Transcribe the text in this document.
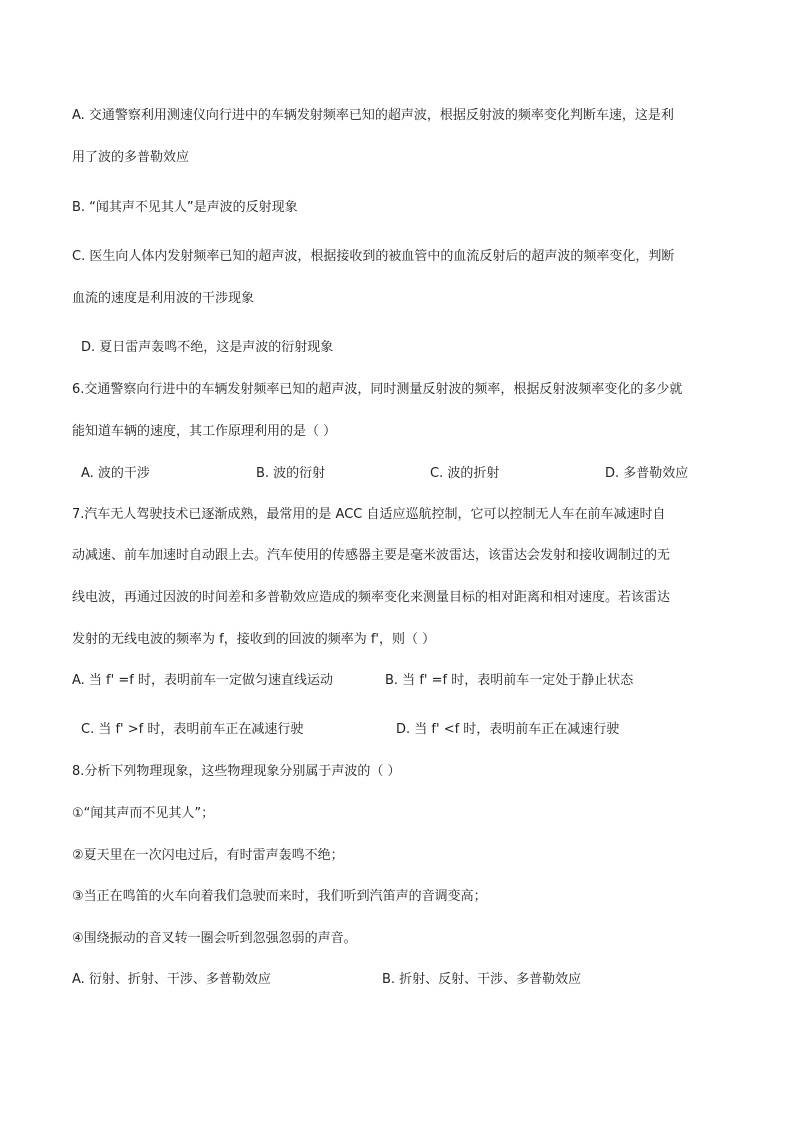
A. 交通警察利用测速仪向行进中的车辆发射频率已知的超声波，根据反射波的频率变化判断车速，这是利
用了波的多普勒效应
B. “闻其声不见其人”是声波的反射现象
C. 医生向人体内发射频率已知的超声波，根据接收到的被血管中的血流反射后的超声波的频率变化，判断
血流的速度是利用波的干涉现象
D. 夏日雷声轰鸣不绝，这是声波的衍射现象
6.交通警察向行进中的车辆发射频率已知的超声波，同时测量反射波的频率，根据反射波频率变化的多少就
能知道车辆的速度，其工作原理利用的是（ ）
A. 波的干涉	B. 波的衍射	C. 波的折射	D. 多普勒效应
7.汽车无人驾驶技术已逐渐成熟，最常用的是 ACC 自适应巡航控制，它可以控制无人车在前车减速时自
动减速、前车加速时自动跟上去。汽车使用的传感器主要是毫米波雷达，该雷达会发射和接收调制过的无
线电波，再通过因波的时间差和多普勒效应造成的频率变化来测量目标的相对距离和相对速度。若该雷达
发射的无线电波的频率为 f，接收到的回波的频率为 f'，则（ ）
A. 当 f' =f 时，表明前车一定做匀速直线运动	B. 当 f' =f 时，表明前车一定处于静止状态
C. 当 f' >f 时，表明前车正在减速行驶	D. 当 f' <f 时，表明前车正在减速行驶
8.分析下列物理现象，这些物理现象分别属于声波的（ ）
①“闻其声而不见其人”；
②夏天里在一次闪电过后，有时雷声轰鸣不绝；
③当正在鸣笛的火车向着我们急驶而来时，我们听到汽笛声的音调变高；
④围绕振动的音叉转一圈会听到忽强忽弱的声音。
A. 衍射、折射、干涉、多普勒效应	B. 折射、反射、干涉、多普勒效应
